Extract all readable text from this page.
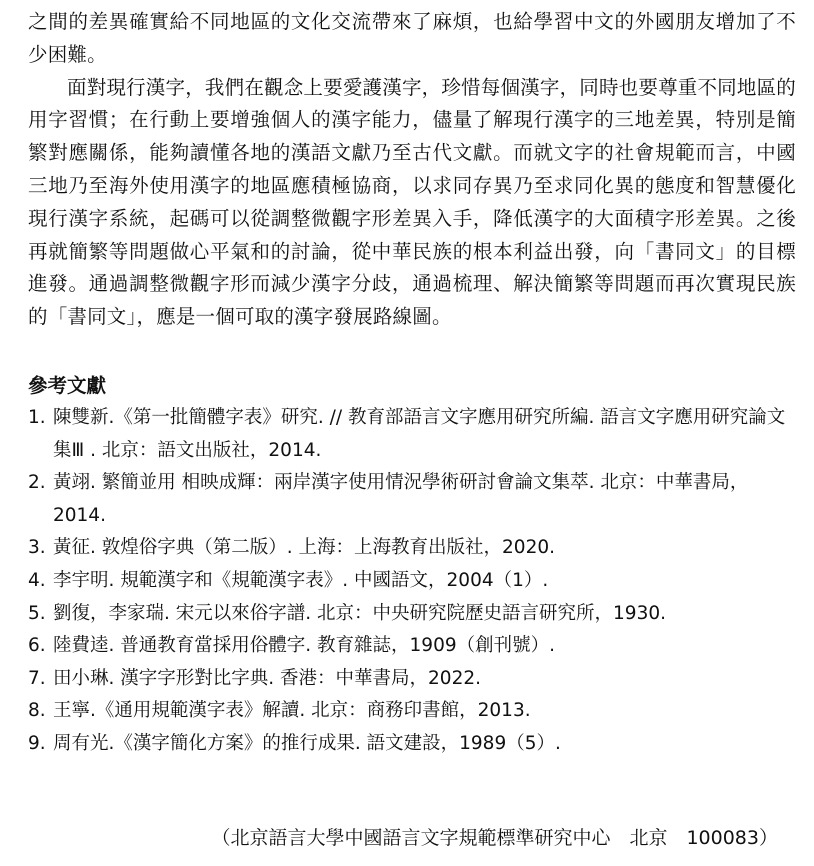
之間的差異確實給不同地區的文化交流帶來了麻煩，也給學習中文的外國朋友增加了不少困難。

面對現行漢字，我們在觀念上要愛護漢字，珍惜每個漢字，同時也要尊重不同地區的用字習慣；在行動上要增強個人的漢字能力，儘量了解現行漢字的三地差異，特別是簡繁對應關係，能夠讀懂各地的漢語文獻乃至古代文獻。而就文字的社會規範而言，中國三地乃至海外使用漢字的地區應積極協商，以求同存異乃至求同化異的態度和智慧優化現行漢字系統，起碼可以從調整微觀字形差異入手，降低漢字的大面積字形差異。之後再就簡繁等問題做心平氣和的討論，從中華民族的根本利益出發，向「書同文」的目標進發。通過調整微觀字形而減少漢字分歧，通過梳理、解決簡繁等問題而再次實現民族的「書同文」，應是一個可取的漢字發展路線圖。

參考文獻
1. 陳雙新.《第一批簡體字表》研究. // 教育部語言文字應用研究所編. 語言文字應用研究論文集Ⅲ . 北京：語文出版社，2014.
2. 黃翊. 繁簡並用 相映成輝：兩岸漢字使用情況學術研討會論文集萃. 北京：中華書局，2014.
3. 黃征. 敦煌俗字典（第二版）. 上海：上海教育出版社，2020.
4. 李宇明. 規範漢字和《規範漢字表》. 中國語文，2004（1）.
5. 劉復，李家瑞. 宋元以來俗字譜. 北京：中央研究院歷史語言研究所，1930.
6. 陸費逵. 普通教育當採用俗體字. 教育雜誌，1909（創刊號）.
7. 田小琳. 漢字字形對比字典. 香港：中華書局，2022.
8. 王寧.《通用規範漢字表》解讀. 北京：商務印書館，2013.
9. 周有光.《漢字簡化方案》的推行成果. 語文建設，1989（5）.
（北京語言大學中國語言文字規範標準研究中心　北京　100083）
